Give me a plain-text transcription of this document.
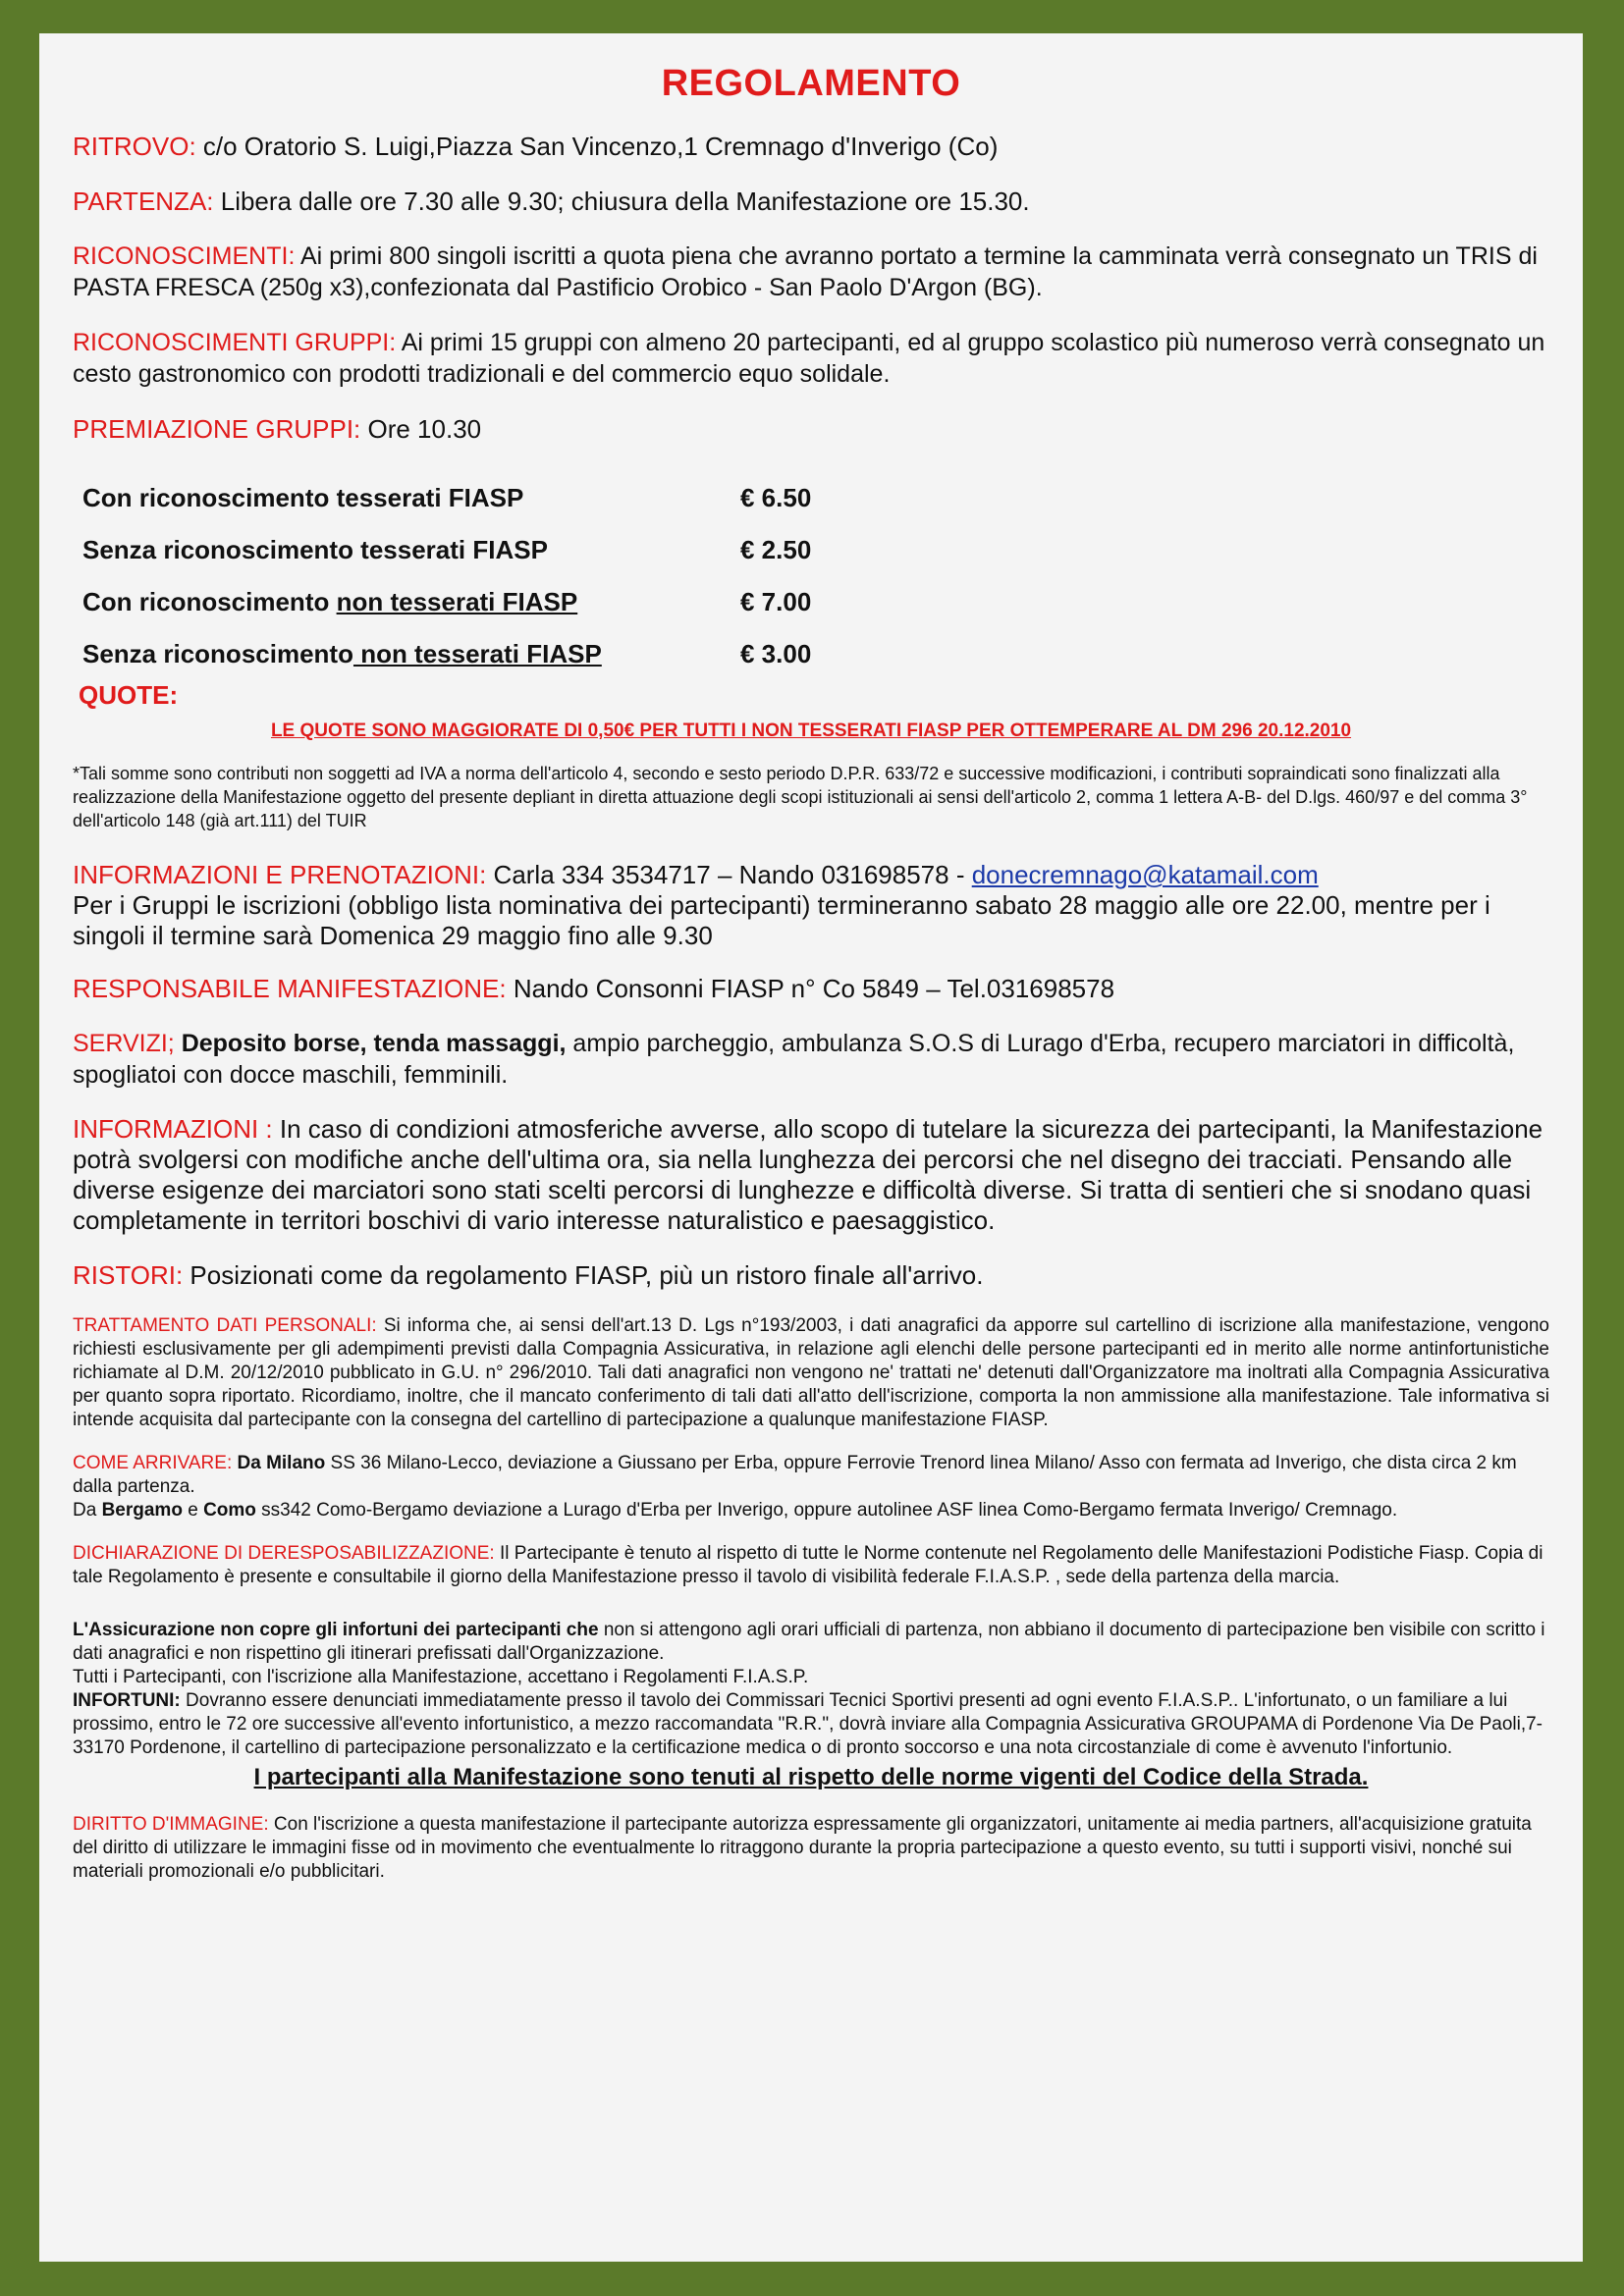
REGOLAMENTO

RITROVO: c/o Oratorio S. Luigi,Piazza San Vincenzo,1 Cremnago d'Inverigo (Co)

PARTENZA: Libera dalle ore 7.30 alle 9.30; chiusura della Manifestazione ore 15.30.

RICONOSCIMENTI: Ai primi 800 singoli iscritti a quota piena che avranno portato a termine la camminata verrà consegnato un TRIS di PASTA FRESCA (250g x3),confezionata dal Pastificio Orobico - San Paolo D'Argon (BG).

RICONOSCIMENTI GRUPPI: Ai primi 15 gruppi con almeno 20 partecipanti, ed al gruppo scolastico più numeroso verrà consegnato un cesto gastronomico con prodotti tradizionali e del commercio equo solidale.

PREMIAZIONE GRUPPI: Ore 10.30

Con riconoscimento tesserati FIASP	€ 6.50
Senza riconoscimento tesserati FIASP	€ 2.50
Con riconoscimento non tesserati FIASP	€ 7.00
Senza riconoscimento non tesserati FIASP	€ 3.00
QUOTE:
LE QUOTE SONO MAGGIORATE DI 0,50€ PER TUTTI I NON TESSERATI FIASP PER OTTEMPERARE AL DM 296 20.12.2010

*Tali somme sono contributi non soggetti ad IVA a norma dell'articolo 4, secondo e sesto periodo D.P.R. 633/72 e successive modificazioni, i contributi sopraindicati sono finalizzati alla realizzazione della Manifestazione oggetto del presente depliant in diretta attuazione degli scopi istituzionali ai sensi dell'articolo 2, comma 1 lettera A-B- del D.lgs. 460/97 e del comma 3° dell'articolo 148 (già art.111) del TUIR

INFORMAZIONI E PRENOTAZIONI: Carla 334 3534717 – Nando 031698578 - donecremnago@katamail.com
Per i Gruppi le iscrizioni (obbligo lista nominativa dei partecipanti) termineranno sabato 28 maggio alle ore 22.00, mentre per i singoli il termine sarà Domenica 29 maggio fino alle 9.30

RESPONSABILE MANIFESTAZIONE: Nando Consonni FIASP n° Co 5849 – Tel.031698578

SERVIZI; Deposito borse, tenda massaggi, ampio parcheggio, ambulanza S.O.S di Lurago d'Erba, recupero marciatori in difficoltà, spogliatoi con docce maschili, femminili.

INFORMAZIONI : In caso di condizioni atmosferiche avverse, allo scopo di tutelare la sicurezza dei partecipanti, la Manifestazione potrà svolgersi con modifiche anche dell'ultima ora, sia nella lunghezza dei percorsi che nel disegno dei tracciati. Pensando alle diverse esigenze dei marciatori sono stati scelti percorsi di lunghezze e difficoltà diverse. Si tratta di sentieri che si snodano quasi completamente in territori boschivi di vario interesse naturalistico e paesaggistico.

RISTORI: Posizionati come da regolamento FIASP, più un ristoro finale all'arrivo.

TRATTAMENTO DATI PERSONALI: Si informa che, ai sensi dell'art.13 D. Lgs n°193/2003, i dati anagrafici da apporre sul cartellino di iscrizione alla manifestazione, vengono richiesti esclusivamente per gli adempimenti previsti dalla Compagnia Assicurativa, in relazione agli elenchi delle persone partecipanti ed in merito alle norme antinfortunistiche richiamate al D.M. 20/12/2010 pubblicato in G.U. n° 296/2010. Tali dati anagrafici non vengono ne' trattati ne' detenuti dall'Organizzatore ma inoltrati alla Compagnia Assicurativa per quanto sopra riportato. Ricordiamo, inoltre, che il mancato conferimento di tali dati all'atto dell'iscrizione, comporta la non ammissione alla manifestazione. Tale informativa si intende acquisita dal partecipante con la consegna del cartellino di partecipazione a qualunque manifestazione FIASP.

COME ARRIVARE: Da Milano SS 36 Milano-Lecco, deviazione a Giussano per Erba, oppure Ferrovie Trenord linea Milano/ Asso con fermata ad Inverigo, che dista circa 2 km dalla partenza.
Da Bergamo e Como ss342 Como-Bergamo deviazione a Lurago d'Erba per Inverigo, oppure autolinee ASF linea Como-Bergamo fermata Inverigo/ Cremnago.

DICHIARAZIONE DI DERESPOSABILIZZAZIONE: Il Partecipante è tenuto al rispetto di tutte le Norme contenute nel Regolamento delle Manifestazioni Podistiche Fiasp. Copia di tale Regolamento è presente e consultabile il giorno della Manifestazione presso il tavolo di visibilità federale F.I.A.S.P. , sede della partenza della marcia.

L'Assicurazione non copre gli infortuni dei partecipanti che non si attengono agli orari ufficiali di partenza, non abbiano il documento di partecipazione ben visibile con scritto i dati anagrafici e non rispettino gli itinerari prefissati dall'Organizzazione.
Tutti i Partecipanti, con l'iscrizione alla Manifestazione, accettano i Regolamenti F.I.A.S.P.
INFORTUNI: Dovranno essere denunciati immediatamente presso il tavolo dei Commissari Tecnici Sportivi presenti ad ogni evento F.I.A.S.P.. L'infortunato, o un familiare a lui prossimo, entro le 72 ore successive all'evento infortunistico, a mezzo raccomandata "R.R.", dovrà inviare alla Compagnia Assicurativa GROUPAMA di Pordenone Via De Paoli,7-33170 Pordenone, il cartellino di partecipazione personalizzato e la certificazione medica o di pronto soccorso e una nota circostanziale di come è avvenuto l'infortunio.

I partecipanti alla Manifestazione sono tenuti al rispetto delle norme vigenti del Codice della Strada.

DIRITTO D'IMMAGINE: Con l'iscrizione a questa manifestazione il partecipante autorizza espressamente gli organizzatori, unitamente ai media partners, all'acquisizione gratuita del diritto di utilizzare le immagini fisse od in movimento che eventualmente lo ritraggono durante la propria partecipazione a questo evento, su tutti i supporti visivi, nonché sui materiali promozionali e/o pubblicitari.
